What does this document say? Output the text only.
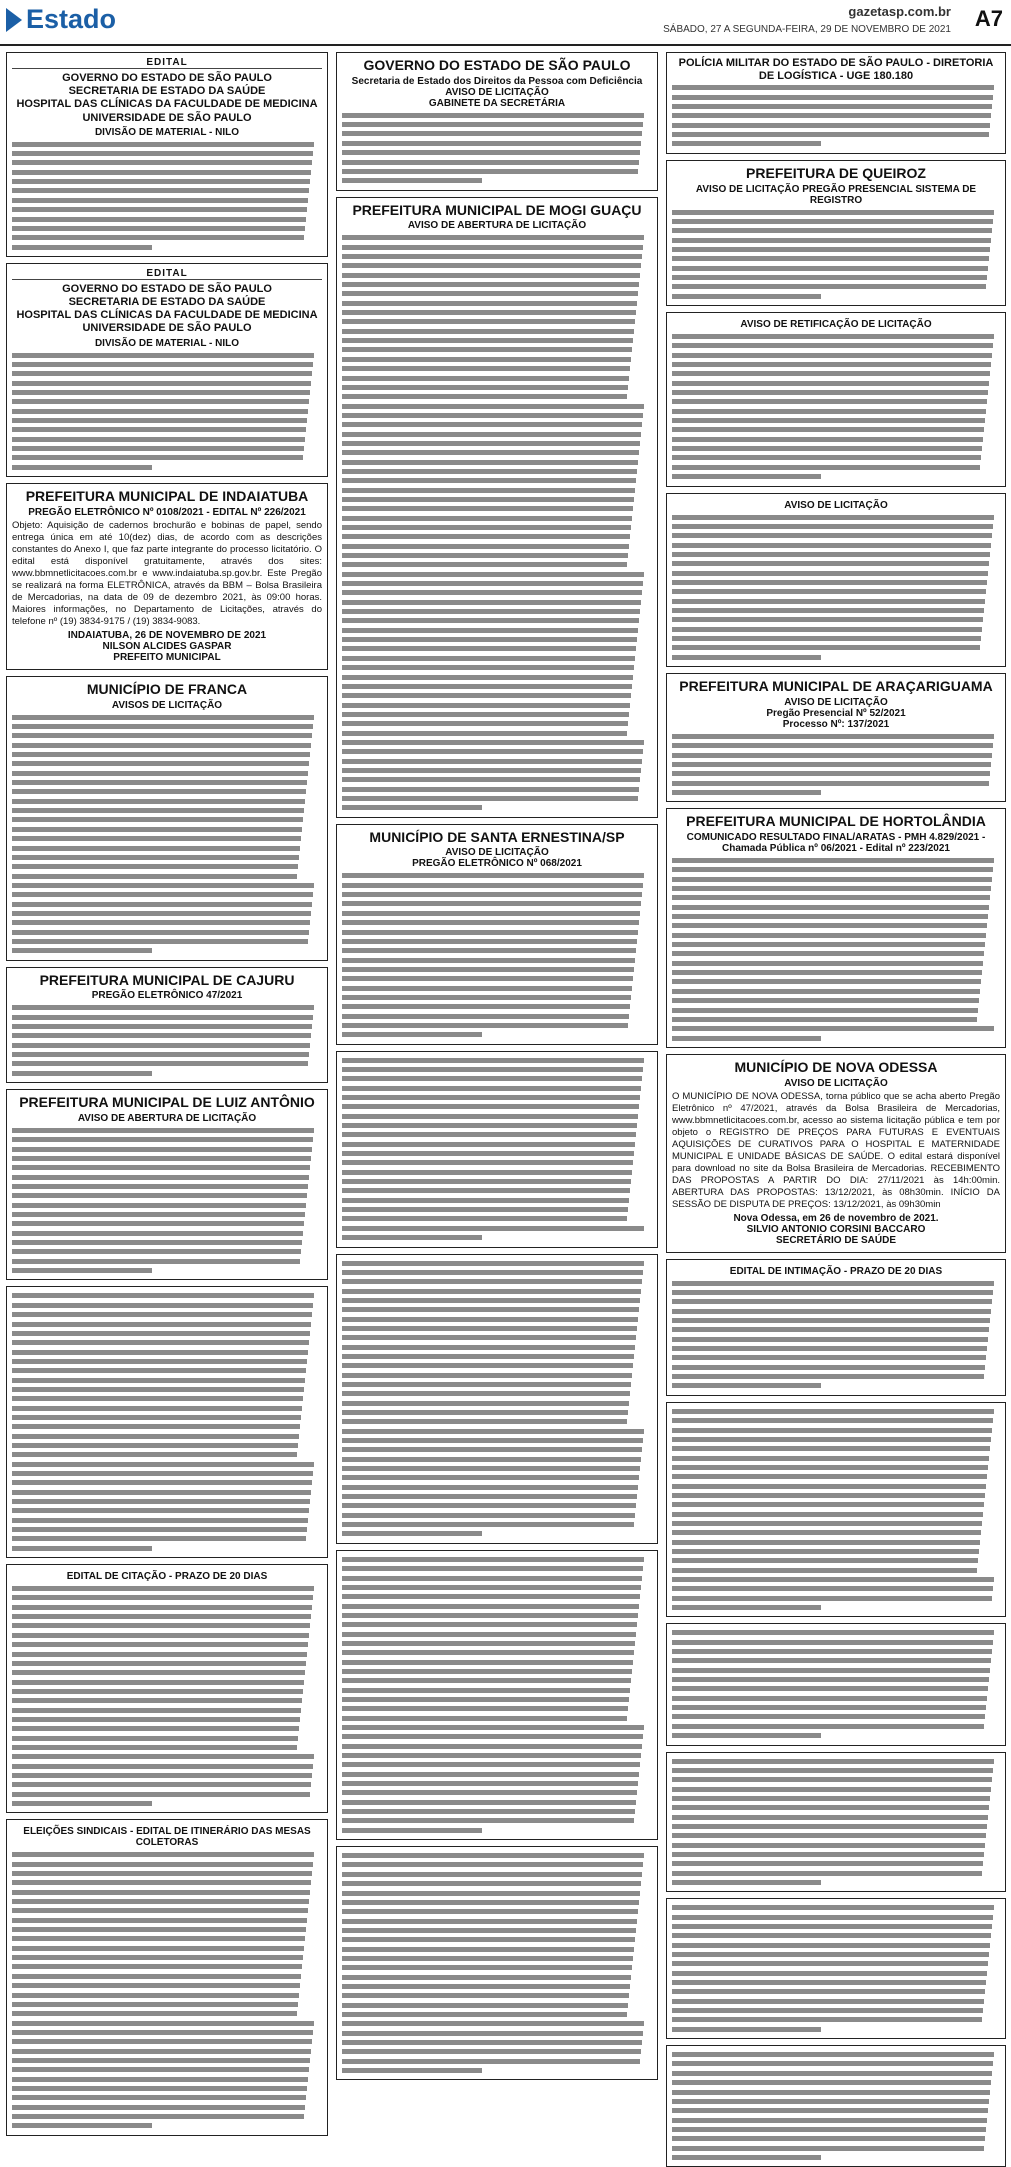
Estado	gazetasp.com.br
SÁBADO, 27 A SEGUNDA-FEIRA, 29 DE NOVEMBRO DE 2021 A7
EDITAL
GOVERNO DO ESTADO DE SÃO PAULO
SECRETARIA DE ESTADO DA SAÚDE
HOSPITAL DAS CLÍNICAS DA FACULDADE DE MEDICINA
UNIVERSIDADE DE SÃO PAULO
DIVISÃO DE MATERIAL - NILO
EDITAL
GOVERNO DO ESTADO DE SÃO PAULO
SECRETARIA DE ESTADO DA SAÚDE
HOSPITAL DAS CLÍNICAS DA FACULDADE DE MEDICINA
UNIVERSIDADE DE SÃO PAULO
DIVISÃO DE MATERIAL - NILO
PREFEITURA MUNICIPAL DE INDAIATUBA
PREGÃO ELETRÔNICO Nº 0108/2021 - EDITAL Nº 226/2021
Objeto: Aquisição de cadernos brochurão e bobinas de papel, sendo entrega única em até 10(dez) dias, de acordo com as descrições constantes do Anexo I, que faz parte integrante do processo licitatório. O edital está disponível gratuitamente, através dos sites: www.bbmnetlicitacoes.com.br e www.indaiatuba.sp.gov.br. Este Pregão se realizará na forma ELETRÔNICA, através da BBM – Bolsa Brasileira de Mercadorias, na data de 09 de dezembro 2021, às 09:00 horas. Maiores informações, no Departamento de Licitações, através do telefone nº (19) 3834-9175 / (19) 3834-9083.
INDAIATUBA, 26 DE NOVEMBRO DE 2021
NILSON ALCIDES GASPAR
PREFEITO MUNICIPAL
MUNICÍPIO DE FRANCA
AVISOS DE LICITAÇÃO
PREFEITURA MUNICIPAL DE CAJURU
PREGÃO ELETRÔNICO 47/2021
PREFEITURA MUNICIPAL DE LUIZ ANTÔNIO
AVISO DE ABERTURA DE LICITAÇÃO
EDITAL DE CITAÇÃO - PRAZO DE 20 DIAS
ELEIÇÕES SINDICAIS - EDITAL DE ITINERÁRIO DAS MESAS COLETORAS
GOVERNO DO ESTADO DE SÃO PAULO
Secretaria de Estado dos Direitos da Pessoa com Deficiência
AVISO DE LICITAÇÃO
GABINETE DA SECRETÁRIA
PREFEITURA MUNICIPAL DE MOGI GUAÇU
AVISO DE ABERTURA DE LICITAÇÃO
MUNICÍPIO DE SANTA ERNESTINA/SP
AVISO DE LICITAÇÃO
PREGÃO ELETRÔNICO Nº 068/2021
POLÍCIA MILITAR DO ESTADO DE SÃO PAULO - DIRETORIA DE LOGÍSTICA - UGE 180.180
PREFEITURA DE QUEIROZ
AVISO DE LICITAÇÃO PREGÃO PRESENCIAL SISTEMA DE REGISTRO
AVISO DE RETIFICAÇÃO DE LICITAÇÃO
AVISO DE LICITAÇÃO
PREFEITURA MUNICIPAL DE ARAÇARIGUAMA
AVISO DE LICITAÇÃO
Pregão Presencial Nº 52/2021
Processo Nº: 137/2021
PREFEITURA MUNICIPAL DE HORTOLÂNDIA
COMUNICADO RESULTADO FINAL/ARATAS - PMH 4.829/2021 - Chamada Pública nº 06/2021 - Edital nº 223/2021
MUNICÍPIO DE NOVA ODESSA
AVISO DE LICITAÇÃO
O MUNICÍPIO DE NOVA ODESSA, torna público que se acha aberto Pregão Eletrônico nº 47/2021, através da Bolsa Brasileira de Mercadorias, www.bbmnetlicitacoes.com.br, acesso ao sistema licitação pública e tem por objeto o REGISTRO DE PREÇOS PARA FUTURAS E EVENTUAIS AQUISIÇÕES DE CURATIVOS PARA O HOSPITAL E MATERNIDADE MUNICIPAL E UNIDADE BÁSICAS DE SAÚDE. O edital estará disponível para download no site da Bolsa Brasileira de Mercadorias. RECEBIMENTO DAS PROPOSTAS A PARTIR DO DIA: 27/11/2021 às 14h:00min. ABERTURA DAS PROPOSTAS: 13/12/2021, às 08h30min. INÍCIO DA SESSÃO DE DISPUTA DE PREÇOS: 13/12/2021, às 09h30min
Nova Odessa, em 26 de novembro de 2021.
SILVIO ANTONIO CORSINI BACCARO
SECRETÁRIO DE SAÚDE
EDITAL DE INTIMAÇÃO - PRAZO DE 20 DIAS
